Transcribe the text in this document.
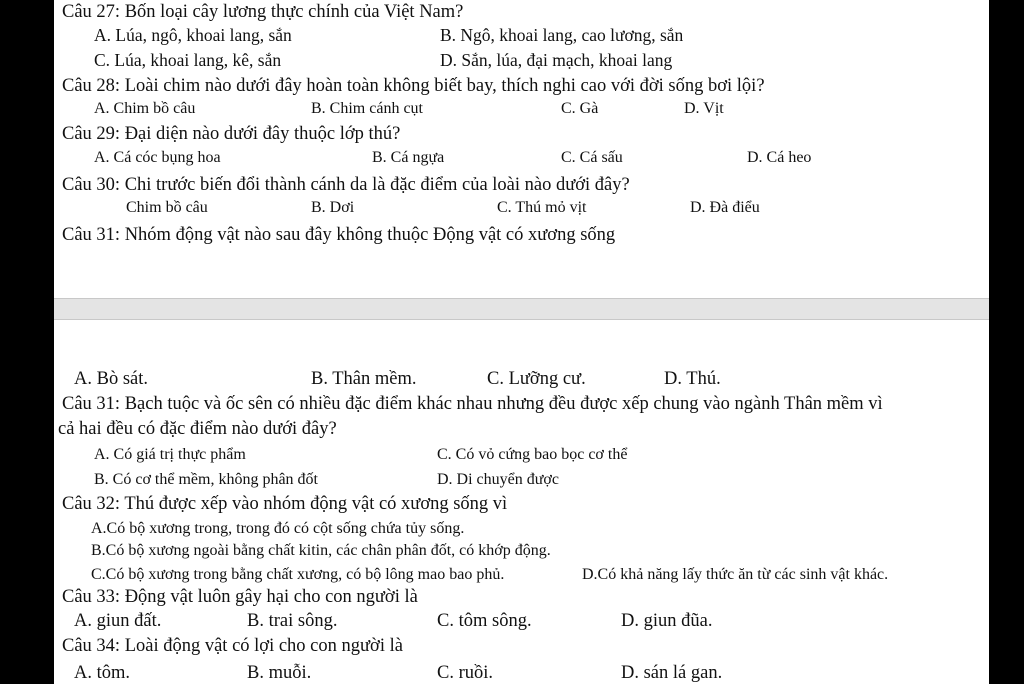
Câu 27: Bốn loại cây lương thực chính của Việt Nam?
A. Lúa, ngô, khoai lang, sắn	B. Ngô, khoai lang, cao lương, sắn
C. Lúa, khoai lang, kê, sắn	D. Sắn, lúa, đại mạch, khoai lang
Câu 28: Loài chim nào dưới đây hoàn toàn không biết bay, thích nghi cao với đời sống bơi lội?
A. Chim bồ câu	B. Chim cánh cụt	C. Gà	D. Vịt
Câu 29: Đại diện nào dưới đây thuộc lớp thú?
A. Cá cóc bụng hoa	B. Cá ngựa	C. Cá sấu	D. Cá heo
Câu 30: Chi trước biến đổi thành cánh da là đặc điểm của loài nào dưới đây?
Chim bồ câu	B. Dơi	C. Thú mỏ vịt	D. Đà điểu
Câu 31: Nhóm động vật nào sau đây không thuộc Động vật có xương sống
A. Bò sát.	B. Thân mềm.	C. Lưỡng cư.	D. Thú.
Câu 31: Bạch tuộc và ốc sên có nhiều đặc điểm khác nhau nhưng đều được xếp chung vào ngành Thân mềm vì
cả hai đều có đặc điểm nào dưới đây?
A. Có giá trị thực phẩm	C. Có vỏ cứng bao bọc cơ thể
B. Có cơ thể mềm, không phân đốt	D. Di chuyển được
Câu 32: Thú được xếp vào nhóm động vật có xương sống vì
A.Có bộ xương trong, trong đó có cột sống chứa tủy sống.
B.Có bộ xương ngoài bằng chất kitin, các chân phân đốt, có khớp động.
C.Có bộ xương trong bằng chất xương, có bộ lông mao bao phủ.	D.Có khả năng lấy thức ăn từ các sinh vật khác.
Câu 33: Động vật luôn gây hại cho con người là
A. giun đất.	B. trai sông.	C. tôm sông.	D. giun đũa.
Câu 34: Loài động vật có lợi cho con người là
A. tôm.	B. muỗi.	C. ruồi.	D. sán lá gan.
